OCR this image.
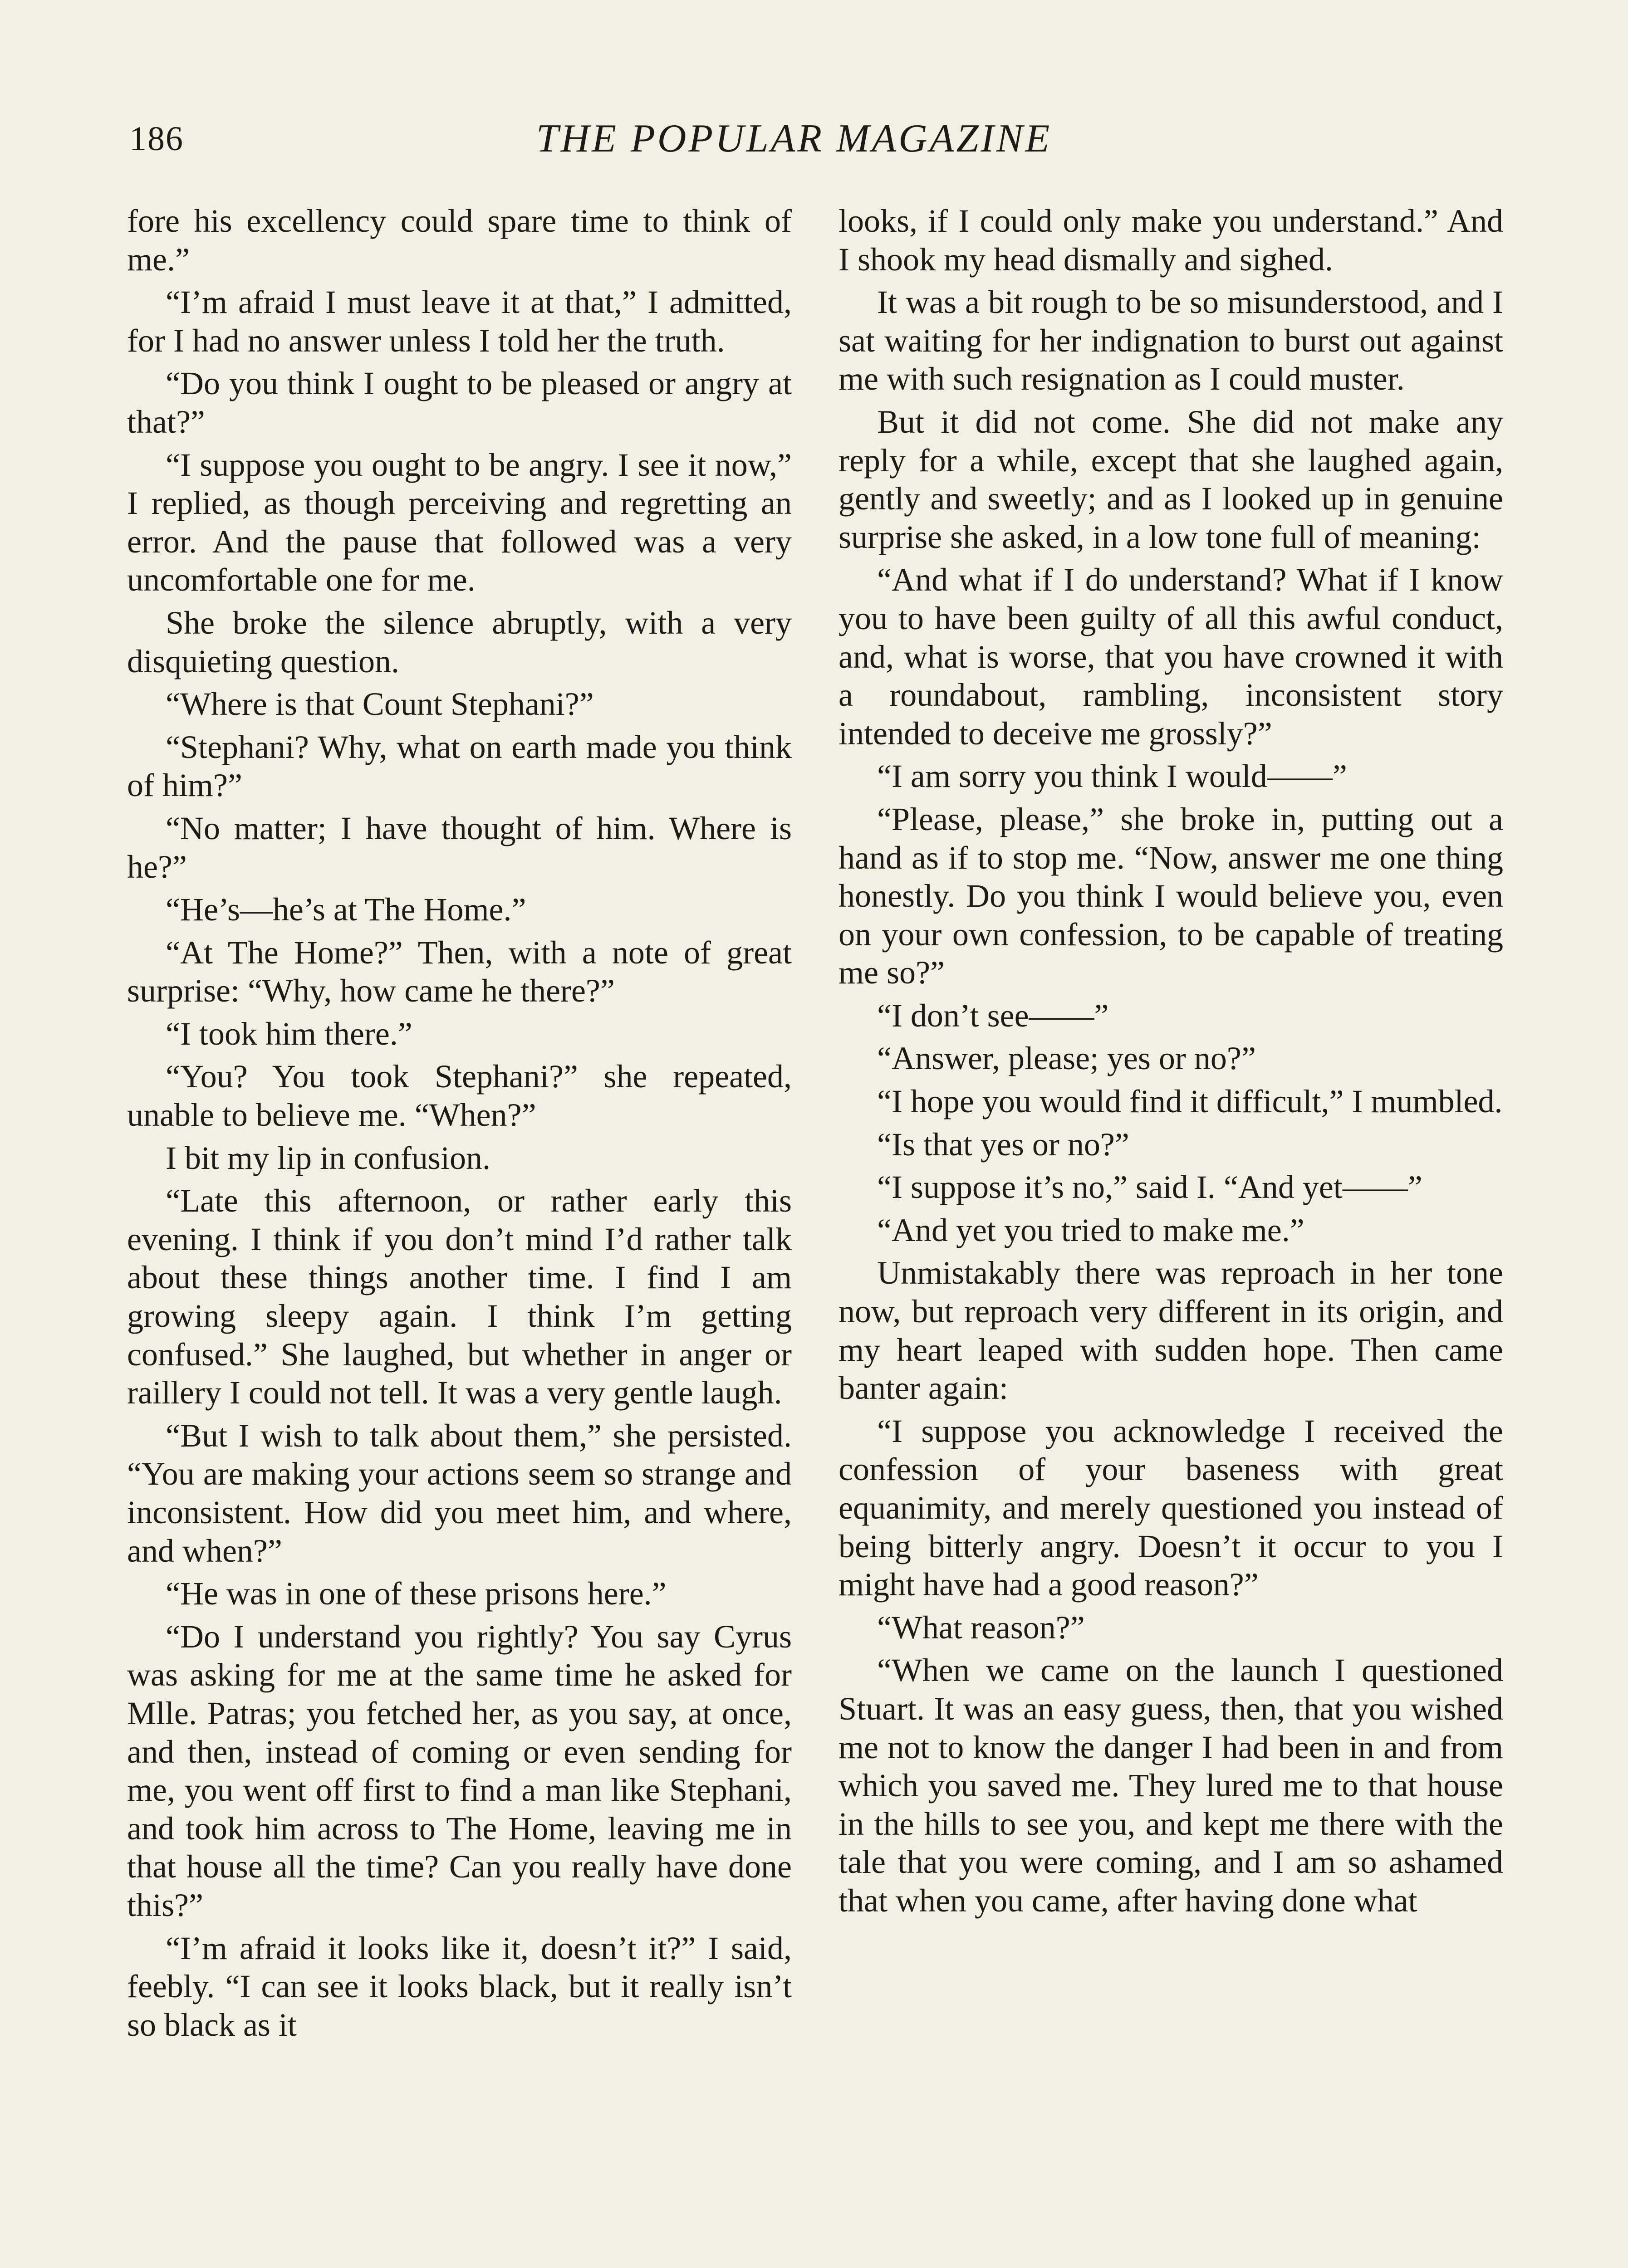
186	THE POPULAR MAGAZINE

fore his excellency could spare time to think of me.”

“I’m afraid I must leave it at that,” I admitted, for I had no answer unless I told her the truth.

“Do you think I ought to be pleased or angry at that?”

“I suppose you ought to be angry. I see it now,” I replied, as though perceiving and regretting an error. And the pause that followed was a very uncomfortable one for me.

She broke the silence abruptly, with a very disquieting question.

“Where is that Count Stephani?”

“Stephani? Why, what on earth made you think of him?”

“No matter; I have thought of him. Where is he?”

“He’s—he’s at The Home.”

“At The Home?” Then, with a note of great surprise: “Why, how came he there?”

“I took him there.”

“You? You took Stephani?” she repeated, unable to believe me. “When?”

I bit my lip in confusion.

“Late this afternoon, or rather early this evening. I think if you don’t mind I’d rather talk about these things another time. I find I am growing sleepy again. I think I’m getting confused.” She laughed, but whether in anger or raillery I could not tell. It was a very gentle laugh.

“But I wish to talk about them,” she persisted. “You are making your actions seem so strange and inconsistent. How did you meet him, and where, and when?”

“He was in one of these prisons here.”

“Do I understand you rightly? You say Cyrus was asking for me at the same time he asked for Mlle. Patras; you fetched her, as you say, at once, and then, instead of coming or even sending for me, you went off first to find a man like Stephani, and took him across to The Home, leaving me in that house all the time? Can you really have done this?”

“I’m afraid it looks like it, doesn’t it?” I said, feebly. “I can see it looks black, but it really isn’t so black as it

looks, if I could only make you understand.” And I shook my head dismally and sighed.

It was a bit rough to be so misunderstood, and I sat waiting for her indignation to burst out against me with such resignation as I could muster.

But it did not come. She did not make any reply for a while, except that she laughed again, gently and sweetly; and as I looked up in genuine surprise she asked, in a low tone full of meaning:

“And what if I do understand? What if I know you to have been guilty of all this awful conduct, and, what is worse, that you have crowned it with a roundabout, rambling, inconsistent story intended to deceive me grossly?”

“I am sorry you think I would——”

“Please, please,” she broke in, putting out a hand as if to stop me. “Now, answer me one thing honestly. Do you think I would believe you, even on your own confession, to be capable of treating me so?”

“I don’t see——”

“Answer, please; yes or no?”

“I hope you would find it difficult,” I mumbled.

“Is that yes or no?”

“I suppose it’s no,” said I. “And yet——”

“And yet you tried to make me.”

Unmistakably there was reproach in her tone now, but reproach very different in its origin, and my heart leaped with sudden hope. Then came banter again:

“I suppose you acknowledge I received the confession of your baseness with great equanimity, and merely questioned you instead of being bitterly angry. Doesn’t it occur to you I might have had a good reason?”

“What reason?”

“When we came on the launch I questioned Stuart. It was an easy guess, then, that you wished me not to know the danger I had been in and from which you saved me. They lured me to that house in the hills to see you, and kept me there with the tale that you were coming, and I am so ashamed that when you came, after having done what
